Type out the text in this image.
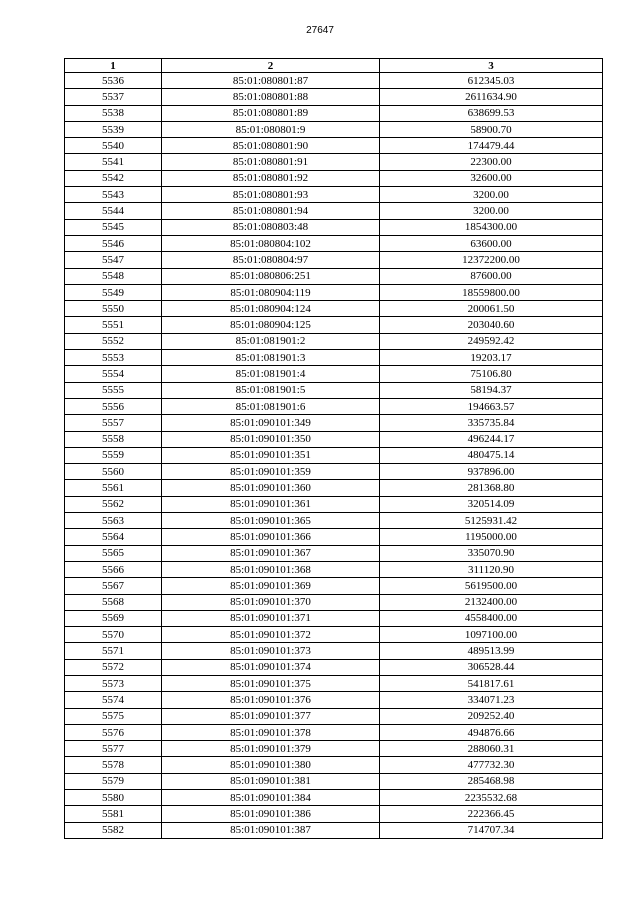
27647
1	2	3
5536	85:01:080801:87	612345.03
5537	85:01:080801:88	2611634.90
5538	85:01:080801:89	638699.53
5539	85:01:080801:9	58900.70
5540	85:01:080801:90	174479.44
5541	85:01:080801:91	22300.00
5542	85:01:080801:92	32600.00
5543	85:01:080801:93	3200.00
5544	85:01:080801:94	3200.00
5545	85:01:080803:48	1854300.00
5546	85:01:080804:102	63600.00
5547	85:01:080804:97	12372200.00
5548	85:01:080806:251	87600.00
5549	85:01:080904:119	18559800.00
5550	85:01:080904:124	200061.50
5551	85:01:080904:125	203040.60
5552	85:01:081901:2	249592.42
5553	85:01:081901:3	19203.17
5554	85:01:081901:4	75106.80
5555	85:01:081901:5	58194.37
5556	85:01:081901:6	194663.57
5557	85:01:090101:349	335735.84
5558	85:01:090101:350	496244.17
5559	85:01:090101:351	480475.14
5560	85:01:090101:359	937896.00
5561	85:01:090101:360	281368.80
5562	85:01:090101:361	320514.09
5563	85:01:090101:365	5125931.42
5564	85:01:090101:366	1195000.00
5565	85:01:090101:367	335070.90
5566	85:01:090101:368	311120.90
5567	85:01:090101:369	5619500.00
5568	85:01:090101:370	2132400.00
5569	85:01:090101:371	4558400.00
5570	85:01:090101:372	1097100.00
5571	85:01:090101:373	489513.99
5572	85:01:090101:374	306528.44
5573	85:01:090101:375	541817.61
5574	85:01:090101:376	334071.23
5575	85:01:090101:377	209252.40
5576	85:01:090101:378	494876.66
5577	85:01:090101:379	288060.31
5578	85:01:090101:380	477732.30
5579	85:01:090101:381	285468.98
5580	85:01:090101:384	2235532.68
5581	85:01:090101:386	222366.45
5582	85:01:090101:387	714707.34
